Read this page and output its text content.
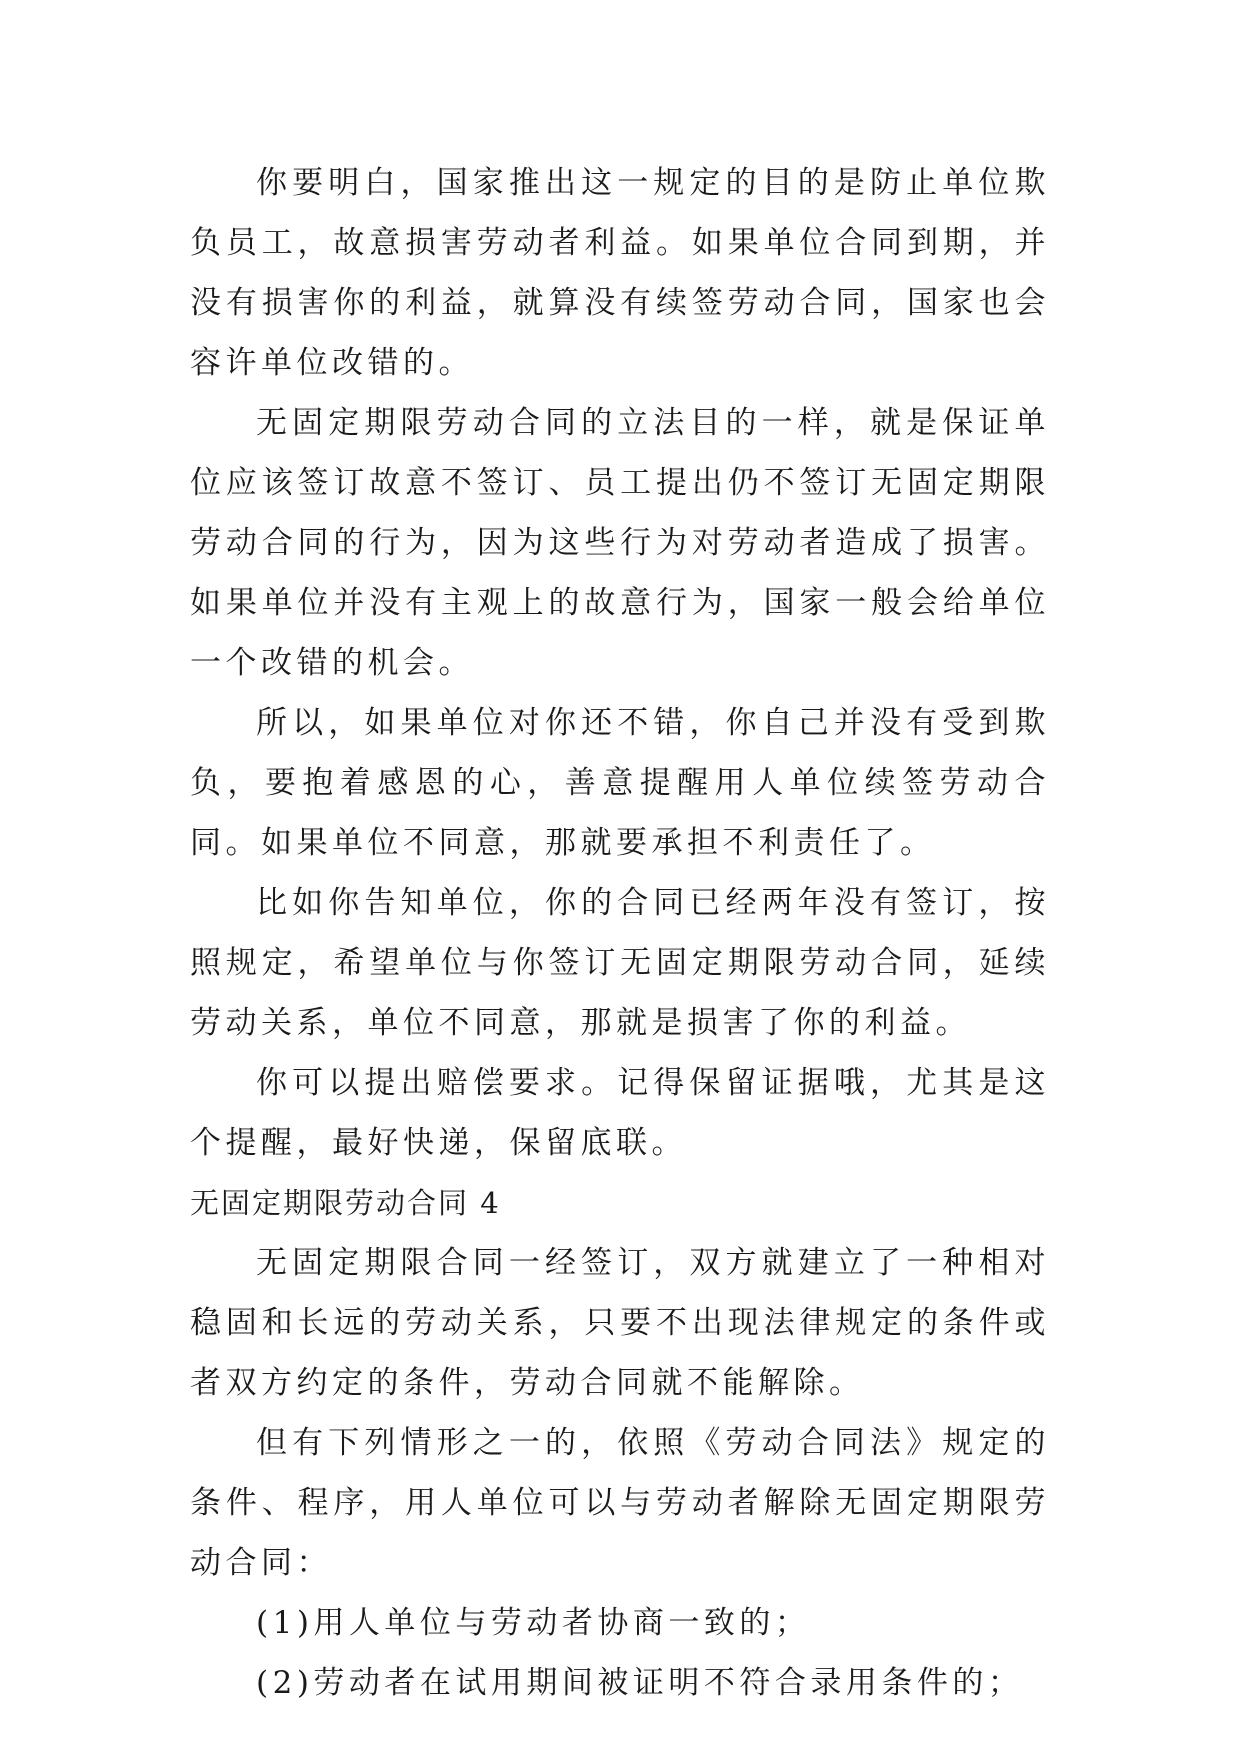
你要明白，国家推出这一规定的目的是防止单位欺负员工，故意损害劳动者利益。如果单位合同到期，并没有损害你的利益，就算没有续签劳动合同，国家也会容许单位改错的。

无固定期限劳动合同的立法目的一样，就是保证单位应该签订故意不签订、员工提出仍不签订无固定期限劳动合同的行为，因为这些行为对劳动者造成了损害。如果单位并没有主观上的故意行为，国家一般会给单位一个改错的机会。

所以，如果单位对你还不错，你自己并没有受到欺负，要抱着感恩的心，善意提醒用人单位续签劳动合同。如果单位不同意，那就要承担不利责任了。

比如你告知单位，你的合同已经两年没有签订，按照规定，希望单位与你签订无固定期限劳动合同，延续劳动关系，单位不同意，那就是损害了你的利益。

你可以提出赔偿要求。记得保留证据哦，尤其是这个提醒，最好快递，保留底联。

无固定期限劳动合同 4

无固定期限合同一经签订，双方就建立了一种相对稳固和长远的劳动关系，只要不出现法律规定的条件或者双方约定的条件，劳动合同就不能解除。

但有下列情形之一的，依照《劳动合同法》规定的条件、程序，用人单位可以与劳动者解除无固定期限劳动合同：

(1)用人单位与劳动者协商一致的；

(2)劳动者在试用期间被证明不符合录用条件的；
